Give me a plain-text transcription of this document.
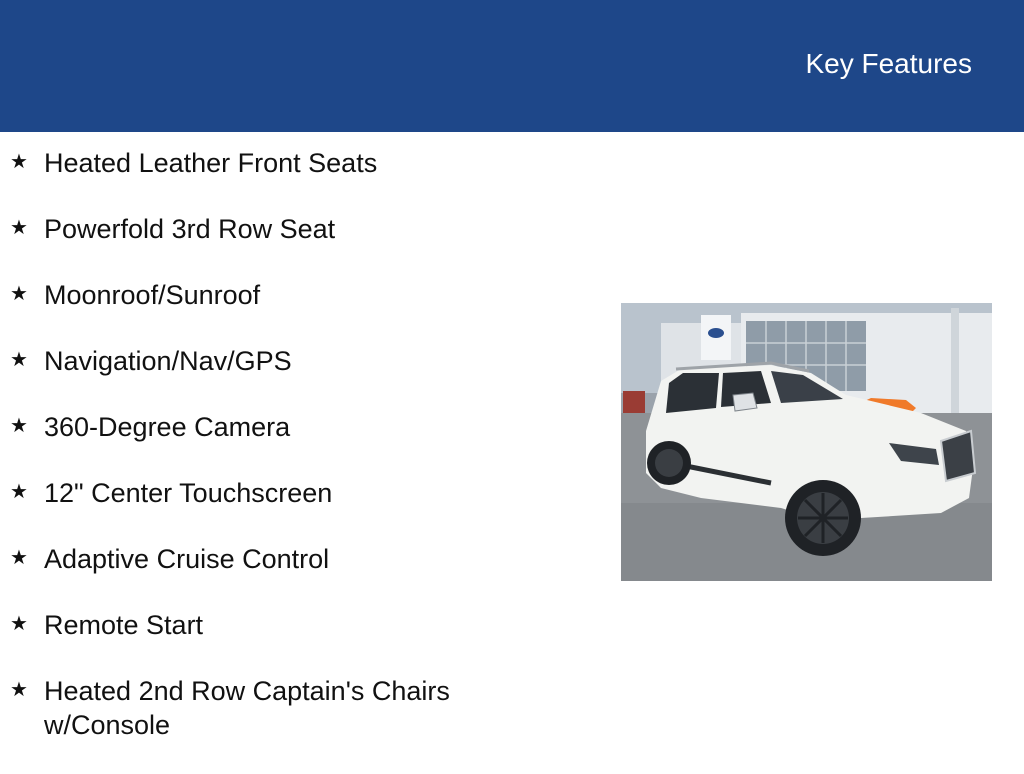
Key Features
★ Heated Leather Front Seats
★ Powerfold 3rd Row Seat
★ Moonroof/Sunroof
★ Navigation/Nav/GPS
★ 360-Degree Camera
★ 12" Center Touchscreen
★ Adaptive Cruise Control
★ Remote Start
★ Heated 2nd Row Captain's Chairs w/Console
